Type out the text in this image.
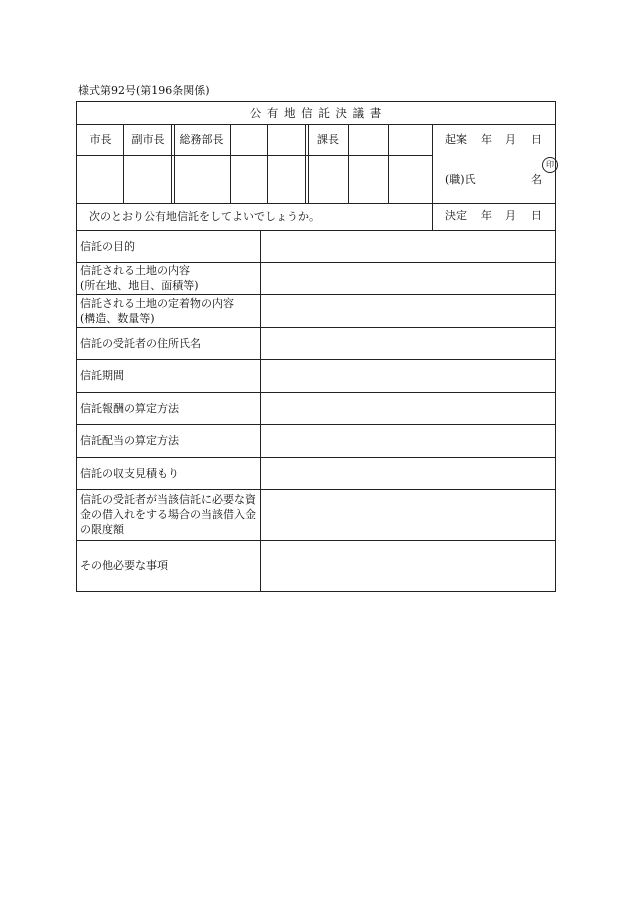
様式第92号(第196条関係)
公 有 地 信 託 決 議 書
市長	副市長	総務部長	課長	起案 年 月 日
(職)氏	名
印
次のとおり公有地信託をしてよいでしょうか。	決定 年 月 日
信託の目的
信託される土地の内容
(所在地、地目、面積等)
信託される土地の定着物の内容
(構造、数量等)
信託の受託者の住所氏名
信託期間
信託報酬の算定方法
信託配当の算定方法
信託の収支見積もり
信託の受託者が当該信託に必要な資金の借入れをする場合の当該借入金の限度額
その他必要な事項
